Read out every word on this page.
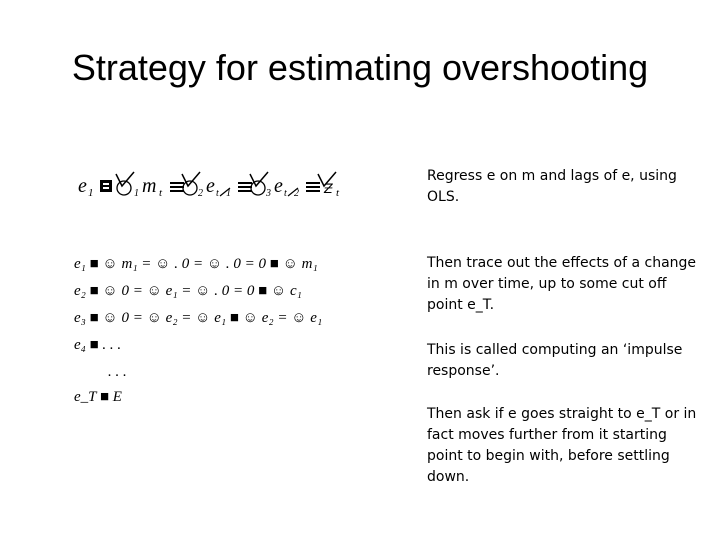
Strategy for estimating overshooting
e 1	1 m t	2 e t 1	3 e t 2 Ƶ t
e₁ ■ ☺ m₁ = ☺ . 0 = ☺ . 0 = 0 ■ ☺ m₁
e₂ ■ ☺ 0 = ☺ e₁ = ☺ . 0 = 0 ■ ☺ c₁
e₃ ■ ☺ 0 = ☺ e₂ = ☺ e₁ ■ ☺ e₂ = ☺ e₁
e₄ ■ . . .
. . .
e_T ■ E
Regress e on m and lags of e, using OLS.
Then trace out the effects of a change in m over time, up to some cut off point e_T.
This is called computing an ‘impulse response’.
Then ask if e goes straight to e_T or in fact moves further from it starting point to begin with, before settling down.
